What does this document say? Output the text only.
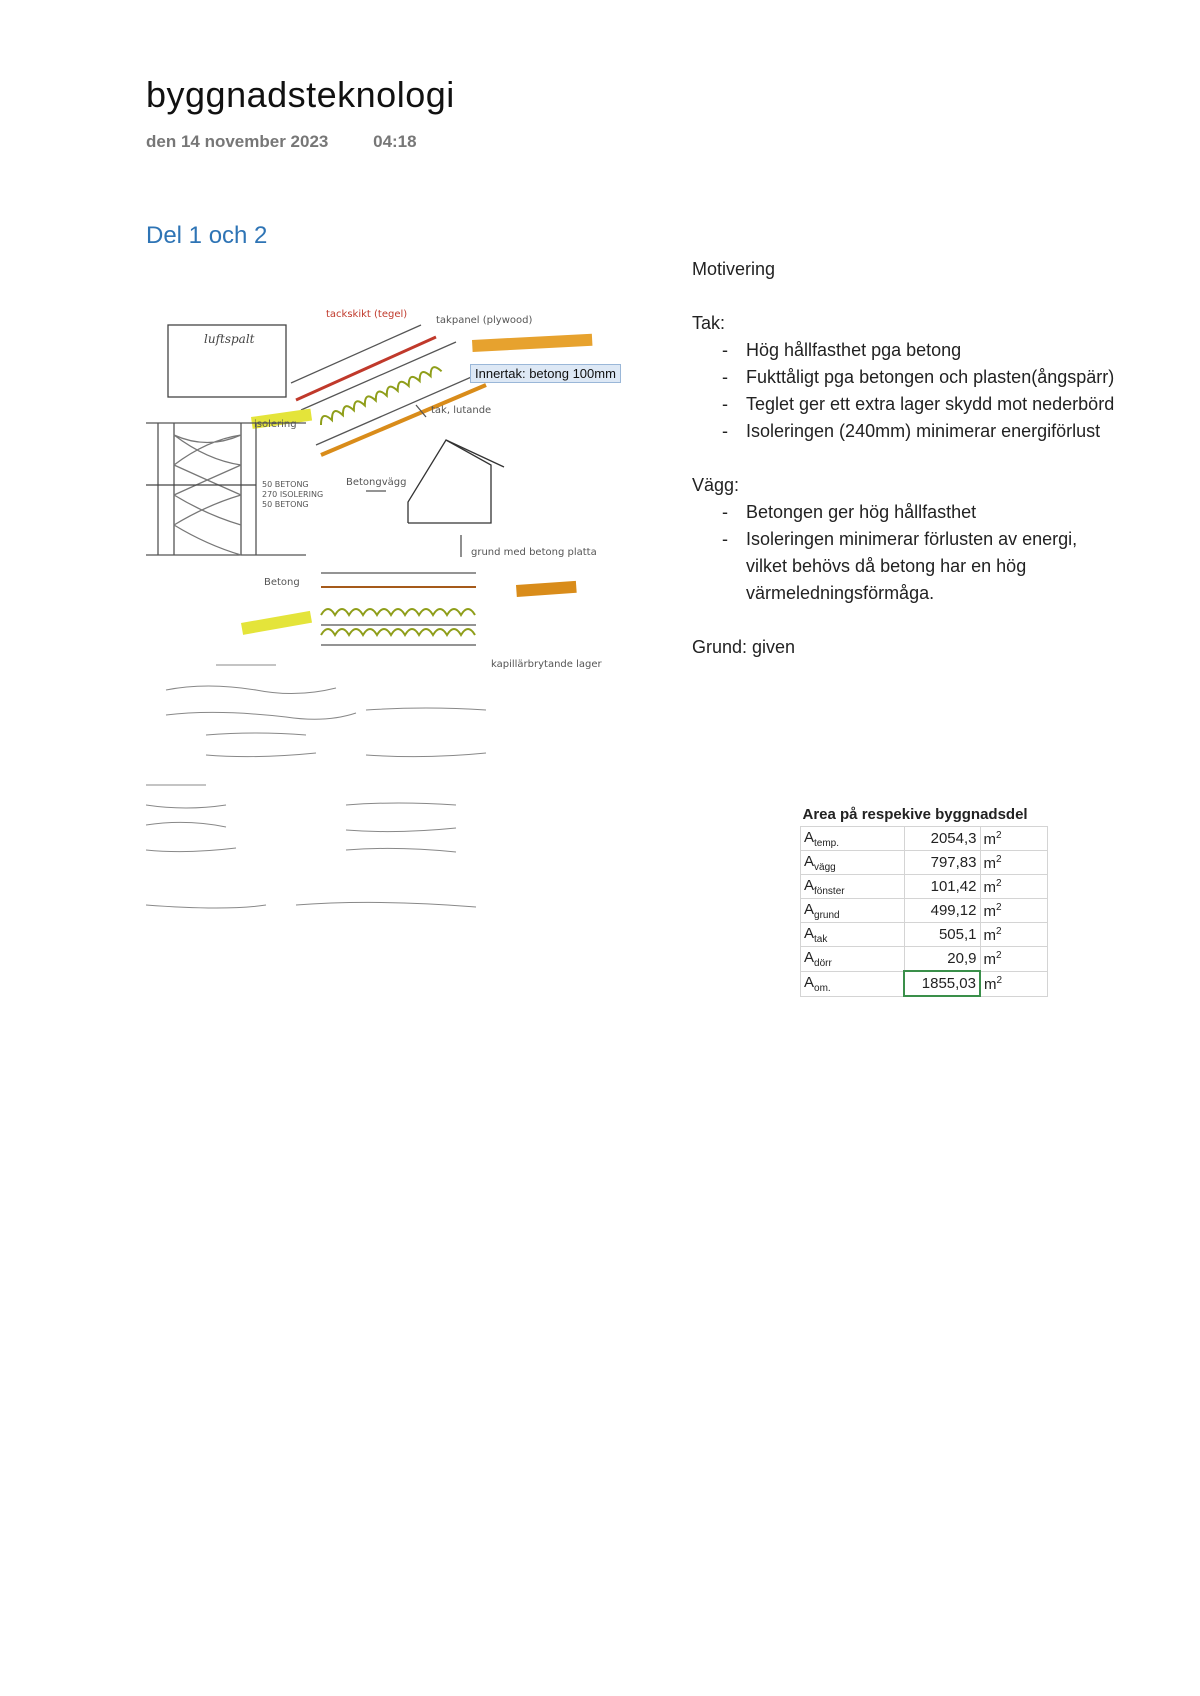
byggnadsteknologi
den 14 november 2023	04:18
Del 1 och 2
luftspalt
takpanel (plywood)
tackskikt (tegel)
isolering
tak, lutande
Betongvägg
50 BETONG
270 ISOLERING
50 BETONG
grund med betong platta
Betong
kapillärbrytande lager
Innertak: betong 100mm

Motivering

Tak:

- Hög hållfasthet pga betong
- Fukttåligt pga betongen och plasten(ångspärr)
- Teglet ger ett extra lager skydd mot nederbörd
- Isoleringen (240mm) minimerar energiförlust

Vägg:

- Betongen ger hög hållfasthet
- Isoleringen minimerar förlusten av energi, vilket behövs då betong har en hög värmeledningsförmåga.

Grund: given

Area på respekive byggnadsdel		
$A_{temp.}$	2054,3	$m^2$
$A_{vägg}$	797,83	$m^2$
$A_{fönster}$	101,42	$m^2$
$A_{grund}$	499,12	$m^2$
$A_{tak}$	505,1	$m^2$
$A_{dörr}$	20,9	$m^2$
$A_{om.}$	1855,03	$m^2$
